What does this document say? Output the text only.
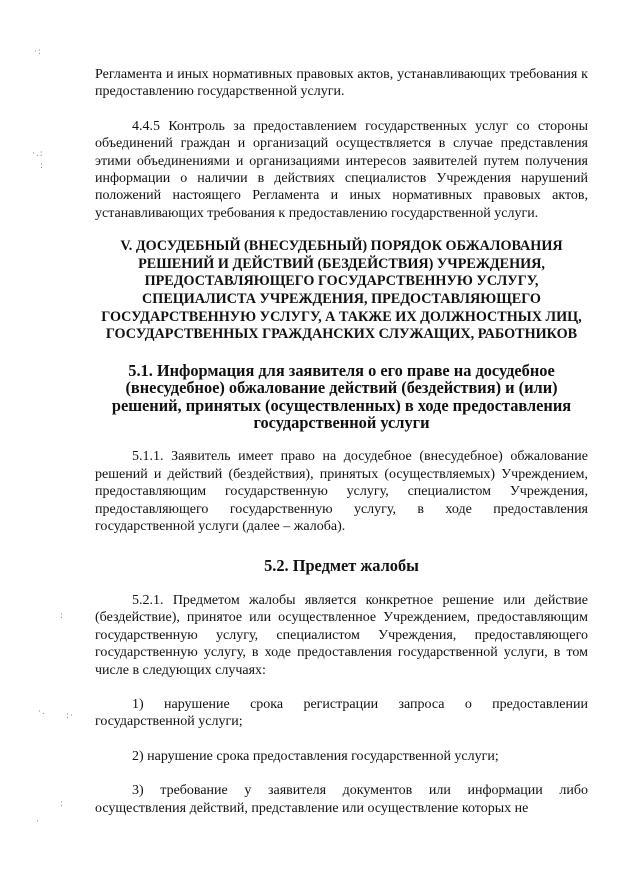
Регламента и иных нормативных правовых актов, устанавливающих требования к предоставлению государственной услуги.

4.4.5 Контроль за предоставлением государственных услуг со стороны объединений граждан и организаций осуществляется в случае представления этими объединениями и организациями интересов заявителей путем получения информации о наличии в действиях специалистов Учреждения нарушений положений настоящего Регламента и иных нормативных правовых актов, устанавливающих требования к предоставлению государственной услуги.

V. ДОСУДЕБНЫЙ (ВНЕСУДЕБНЫЙ) ПОРЯДОК ОБЖАЛОВАНИЯ РЕШЕНИЙ И ДЕЙСТВИЙ (БЕЗДЕЙСТВИЯ) УЧРЕЖДЕНИЯ, ПРЕДОСТАВЛЯЮЩЕГО ГОСУДАРСТВЕННУЮ УСЛУГУ, СПЕЦИАЛИСТА УЧРЕЖДЕНИЯ, ПРЕДОСТАВЛЯЮЩЕГО ГОСУДАРСТВЕННУЮ УСЛУГУ, А ТАКЖЕ ИХ ДОЛЖНОСТНЫХ ЛИЦ, ГОСУДАРСТВЕННЫХ ГРАЖДАНСКИХ СЛУЖАЩИХ, РАБОТНИКОВ
5.1. Информация для заявителя о его праве на досудебное (внесудебное) обжалование действий (бездействия) и (или) решений, принятых (осуществленных) в ходе предоставления государственной услуги

5.1.1. Заявитель имеет право на досудебное (внесудебное) обжалование решений и действий (бездействия), принятых (осуществляемых) Учреждением, предоставляющим государственную услугу, специалистом Учреждения, предоставляющего государственную услугу, в ходе предоставления государственной услуги (далее – жалоба).

5.2. Предмет жалобы

5.2.1. Предметом жалобы является конкретное решение или действие (бездействие), принятое или осуществленное Учреждением, предоставляющим государственную услугу, специалистом Учреждения, предоставляющего государственную услугу, в ходе предоставления государственной услуги, в том числе в следующих случаях:

1) нарушение срока регистрации запроса о предоставлении государственной услуги;

2) нарушение срока предоставления государственной услуги;

3) требование у заявителя документов или информации либо осуществления действий, представление или осуществление которых не

·:
·.:
:
:
·. :·
:
·
